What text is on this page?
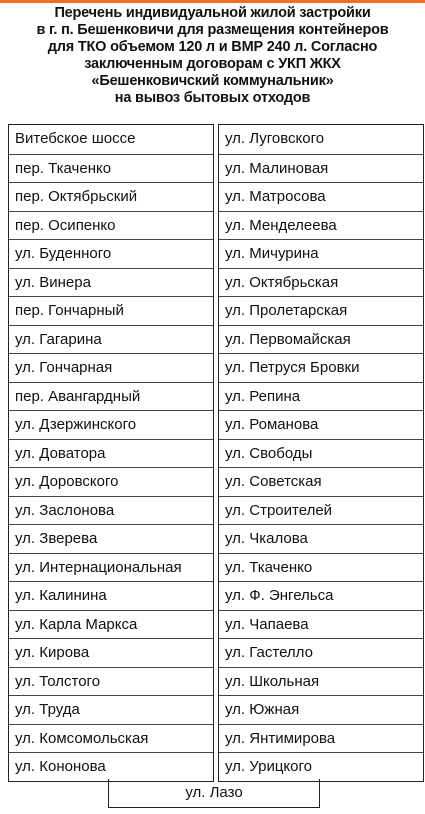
Перечень индивидуальной жилой застройки
в г. п. Бешенковичи для размещения контейнеров
для ТКО объемом 120 л и ВМР 240 л. Согласно
заключенным договорам с УКП ЖКХ
«Бешенковичский коммунальник»
на вывоз бытовых отходов
Витебское шоссе
пер. Ткаченко
пер. Октябрьский
пер. Осипенко
ул. Буденного
ул. Винера
пер. Гончарный
ул. Гагарина
ул. Гончарная
пер. Авангардный
ул. Дзержинского
ул. Доватора
ул. Доровского
ул. Заслонова
ул. Зверева
ул. Интернациональная
ул. Калинина
ул. Карла Маркса
ул. Кирова
ул. Толстого
ул. Труда
ул. Комсомольская
ул. Кононова
ул. Луговского
ул. Малиновая
ул. Матросова
ул. Менделеева
ул. Мичурина
ул. Октябрьская
ул. Пролетарская
ул. Первомайская
ул. Петруся Бровки
ул. Репина
ул. Романова
ул. Свободы
ул. Советская
ул. Строителей
ул. Чкалова
ул. Ткаченко
ул. Ф. Энгельса
ул. Чапаева
ул. Гастелло
ул. Школьная
ул. Южная
ул. Янтимирова
ул. Урицкого
ул. Лазо
